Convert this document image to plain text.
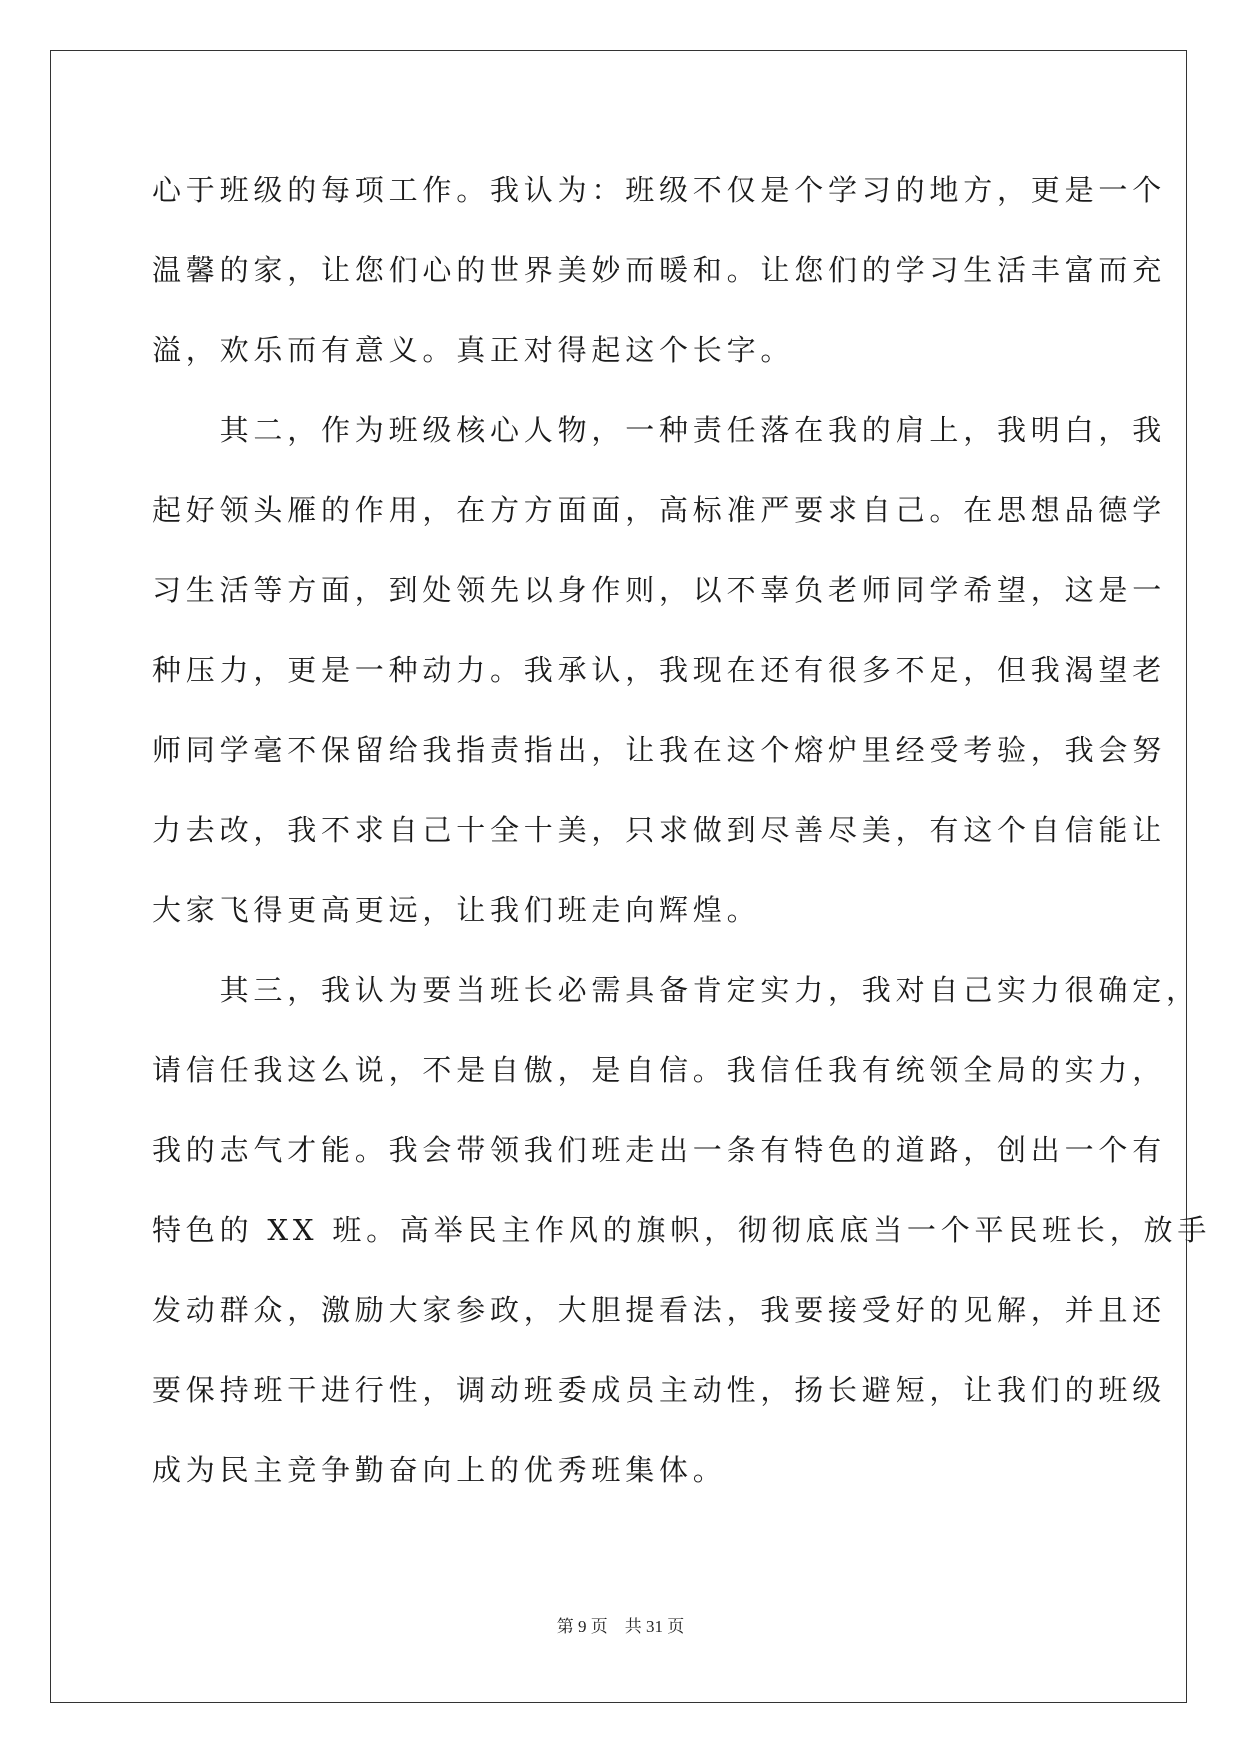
心于班级的每项工作。我认为：班级不仅是个学习的地方，更是一个
温馨的家，让您们心的世界美妙而暖和。让您们的学习生活丰富而充
溢，欢乐而有意义。真正对得起这个长字。
　　其二，作为班级核心人物，一种责任落在我的肩上，我明白，我
起好领头雁的作用，在方方面面，高标准严要求自己。在思想品德学
习生活等方面，到处领先以身作则，以不辜负老师同学希望，这是一
种压力，更是一种动力。我承认，我现在还有很多不足，但我渴望老
师同学毫不保留给我指责指出，让我在这个熔炉里经受考验，我会努
力去改，我不求自己十全十美，只求做到尽善尽美，有这个自信能让
大家飞得更高更远，让我们班走向辉煌。
　　其三，我认为要当班长必需具备肯定实力，我对自己实力很确定，
请信任我这么说，不是自傲，是自信。我信任我有统领全局的实力，
我的志气才能。我会带领我们班走出一条有特色的道路，创出一个有
特色的 XX 班。高举民主作风的旗帜，彻彻底底当一个平民班长，放手
发动群众，激励大家参政，大胆提看法，我要接受好的见解，并且还
要保持班干进行性，调动班委成员主动性，扬长避短，让我们的班级
成为民主竞争勤奋向上的优秀班集体。
第 9 页 共 31 页
